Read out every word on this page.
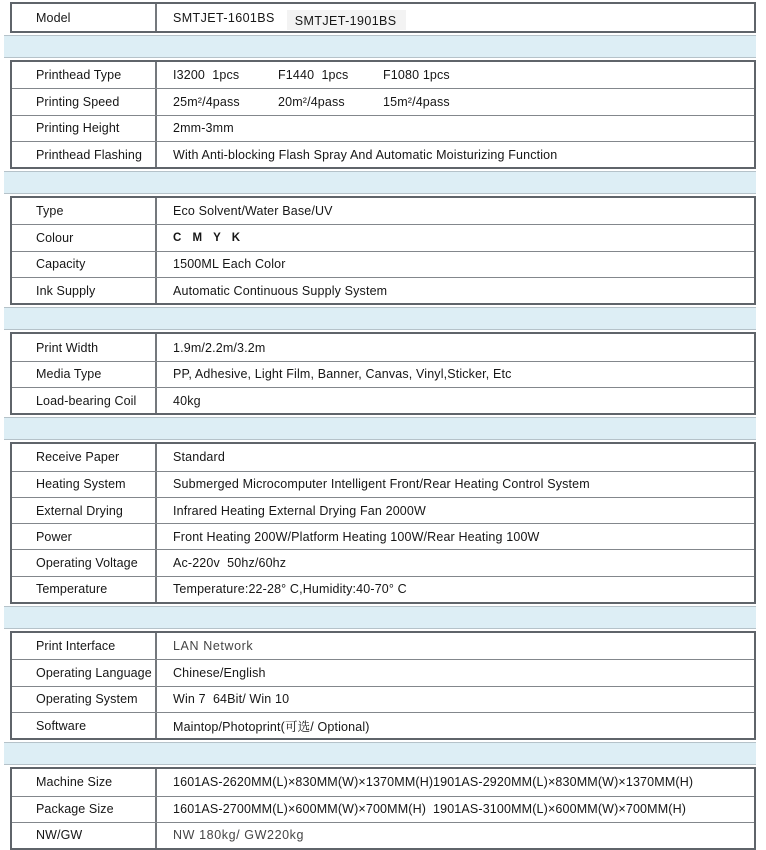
Model	SMTJET-1601BS	SMTJET-1901BS
Printhead Type	I3200  1pcs	F1440  1pcs	F1080 1pcs
Printing Speed	25m²/4pass	20m²/4pass	15m²/4pass
Printing Height	2mm-3mm
Printhead Flashing	With Anti-blocking Flash Spray And Automatic Moisturizing Function
Type	Eco Solvent/Water Base/UV
Colour	C M Y K
Capacity	1500ML Each Color
Ink Supply	Automatic Continuous Supply System
Print Width	1.9m/2.2m/3.2m
Media Type	PP, Adhesive, Light Film, Banner, Canvas, Vinyl,Sticker, Etc
Load-bearing Coil	40kg
Receive Paper	Standard
Heating System	Submerged Microcomputer Intelligent Front/Rear Heating Control System
External Drying	Infrared Heating External Drying Fan 2000W
Power	Front Heating 200W/Platform Heating 100W/Rear Heating 100W
Operating Voltage	Ac-220v  50hz/60hz
Temperature	Temperature:22-28° C,Humidity:40-70° C
Print Interface	LAN Network
Operating Language	Chinese/English
Operating System	Win 7  64Bit/ Win 10
Software	Maintop/Photoprint(可选/ Optional)
Machine Size	1601AS-2620MM(L)×830MM(W)×1370MM(H) 1901AS-2920MM(L)×830MM(W)×1370MM(H)
Package Size	1601AS-2700MM(L)×600MM(W)×700MM(H) 1901AS-3100MM(L)×600MM(W)×700MM(H)
NW/GW	NW 180kg/ GW220kg
